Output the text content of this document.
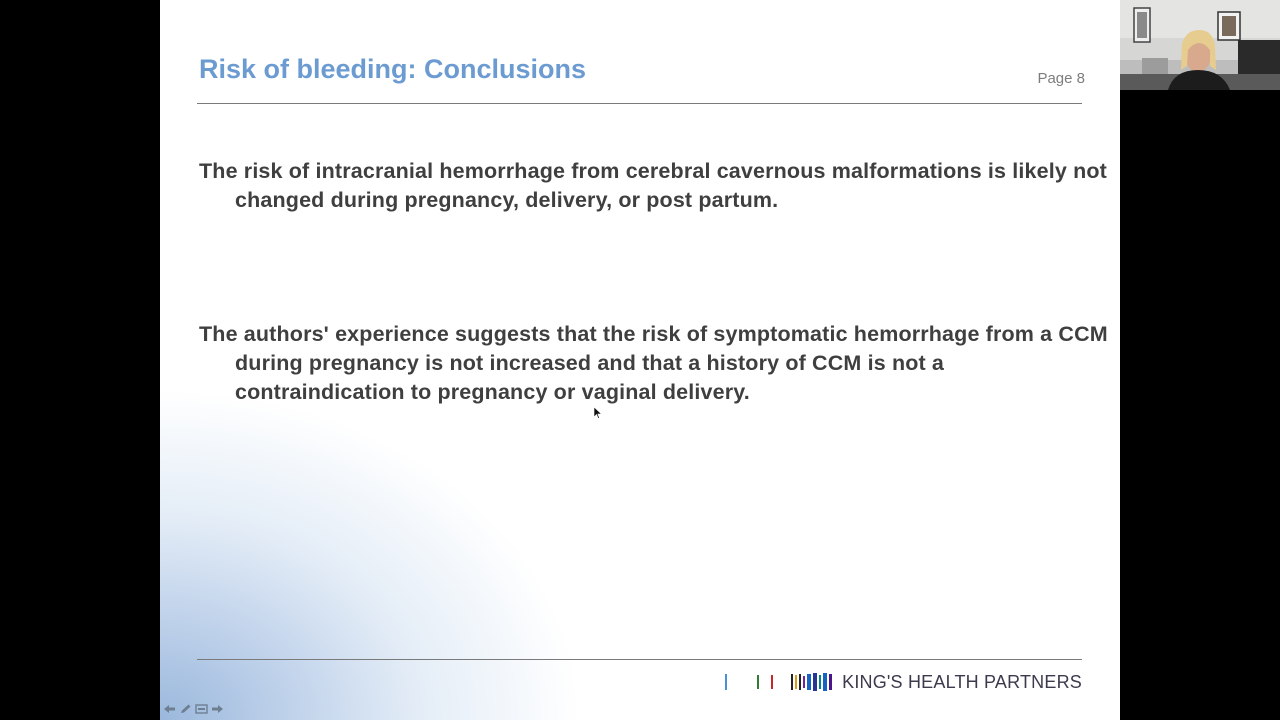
Risk of bleeding: Conclusions	Page 8

The risk of intracranial hemorrhage from cerebral cavernous malformations is likely not changed during pregnancy, delivery, or post partum.

The authors' experience suggests that the risk of symptomatic hemorrhage from a CCM during pregnancy is not increased and that a history of CCM is not a contraindication to pregnancy or vaginal delivery.

KING'S HEALTH PARTNERS
